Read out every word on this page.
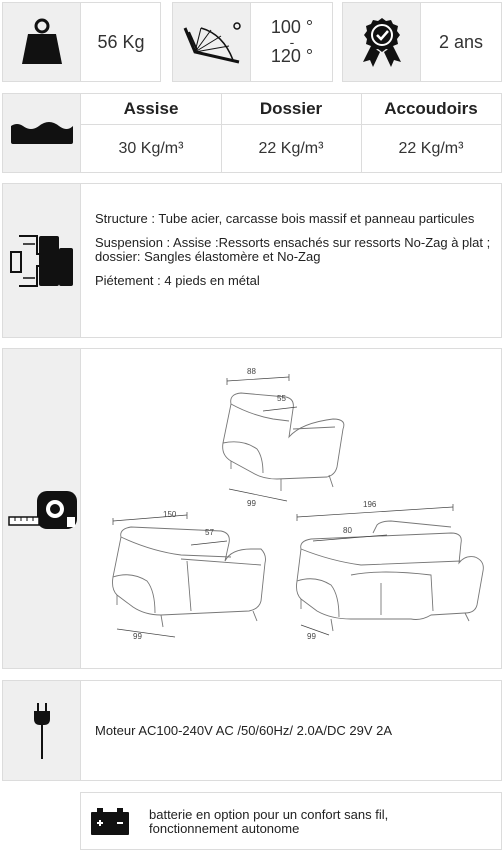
56 Kg
100 °
-
120 °
2 ans
Assise	Dossier	Accoudoirs
30 Kg/m³	22 Kg/m³	22 Kg/m³

Structure : Tube acier, carcasse bois massif et panneau particules

Suspension : Assise :Ressorts ensachés sur ressorts No-Zag à plat ; dossier: Sangles élastomère et No-Zag

Piétement : 4 pieds en métal

88
55
99
150
57
99
196
80
99
Moteur AC100-240V AC /50/60Hz/ 2.0A/DC 29V 2A
batterie en option pour un confort sans fil, fonctionnement autonome
